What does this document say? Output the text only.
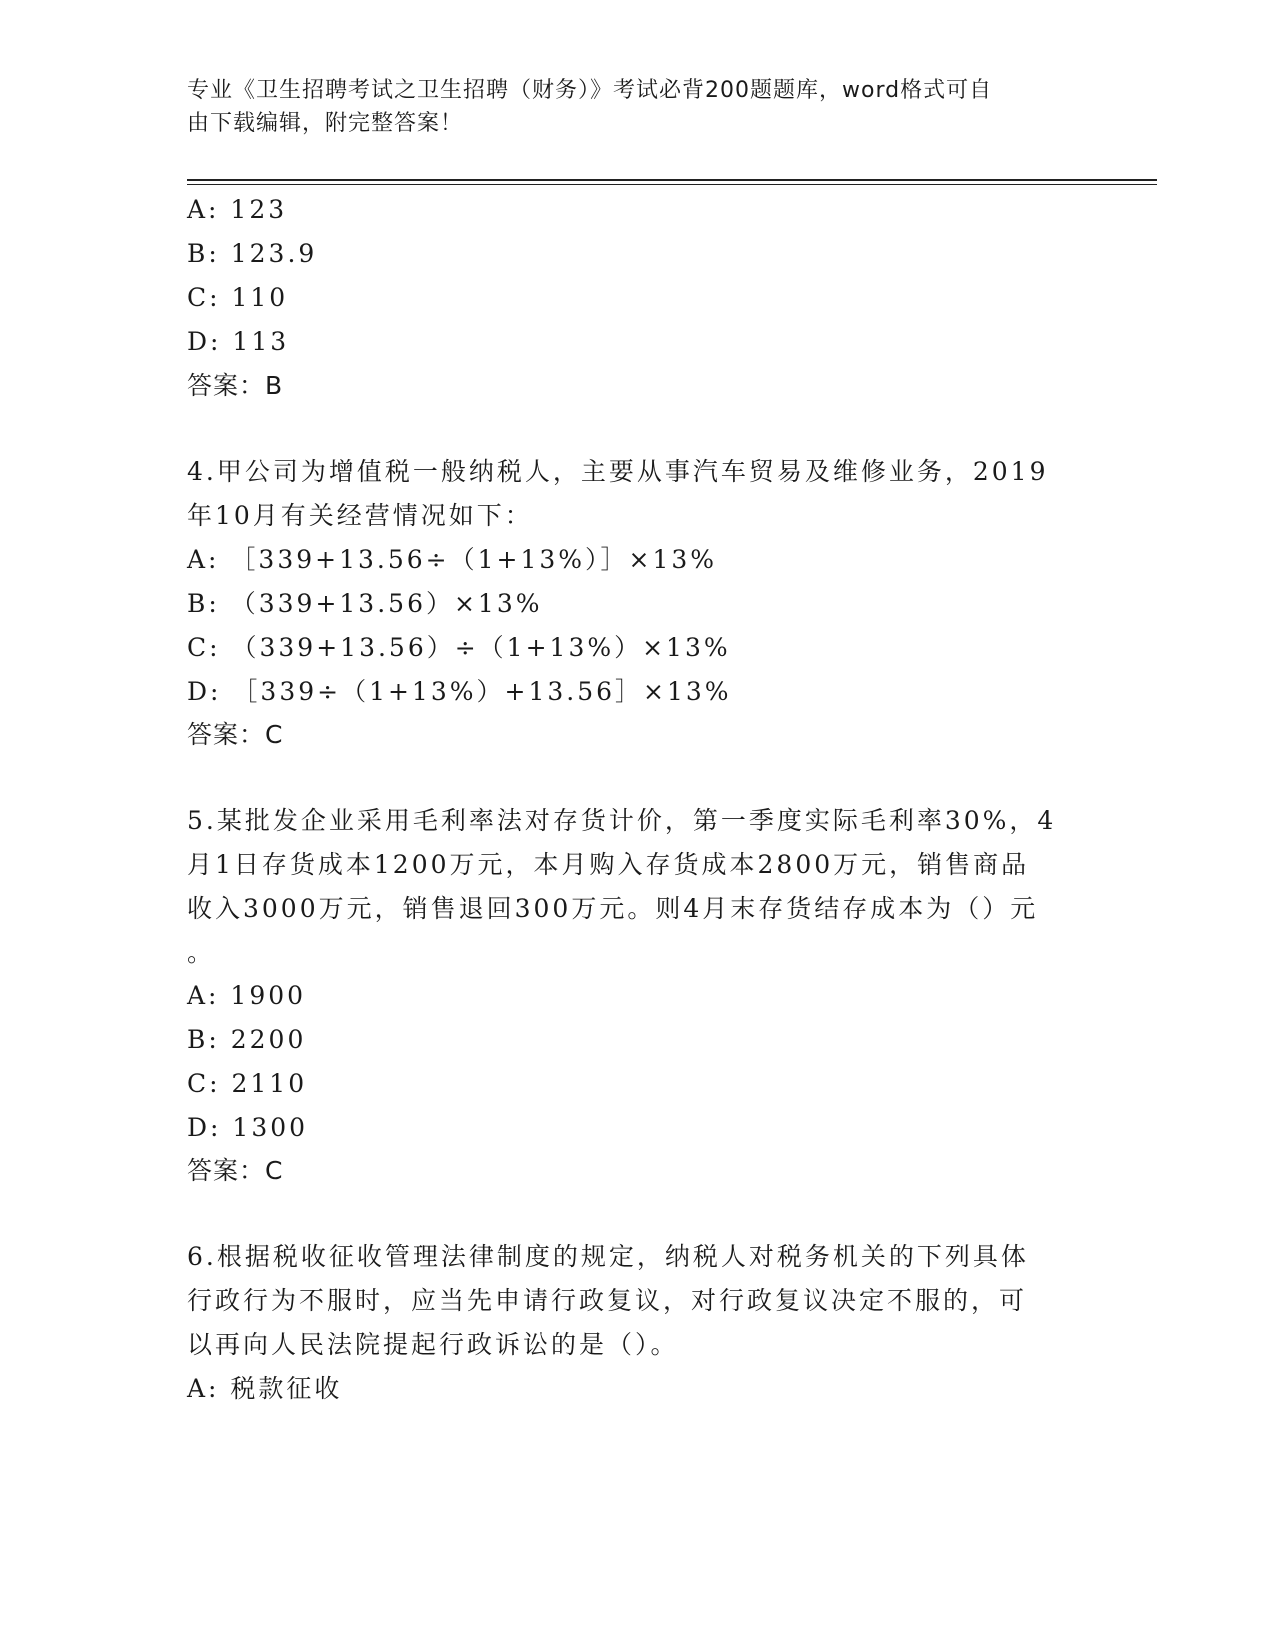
专业《卫生招聘考试之卫生招聘（财务）》考试必背200题题库，word格式可自
由下载编辑，附完整答案！
A: 123
B: 123.9
C: 110
D: 113
答案：B
4.甲公司为增值税一般纳税人，主要从事汽车贸易及维修业务，2019
年10月有关经营情况如下：
A: ［339+13.56÷（1+13%）］×13%
B: （339+13.56）×13%
C: （339+13.56）÷（1+13%）×13%
D: ［339÷（1+13%）+13.56］×13%
答案：C
5.某批发企业采用毛利率法对存货计价，第一季度实际毛利率30%，4
月1日存货成本1200万元，本月购入存货成本2800万元，销售商品
收入3000万元，销售退回300万元。则4月末存货结存成本为（）元
。
A: 1900
B: 2200
C: 2110
D: 1300
答案：C
6.根据税收征收管理法律制度的规定，纳税人对税务机关的下列具体
行政行为不服时，应当先申请行政复议，对行政复议决定不服的，可
以再向人民法院提起行政诉讼的是（）。
A: 税款征收
